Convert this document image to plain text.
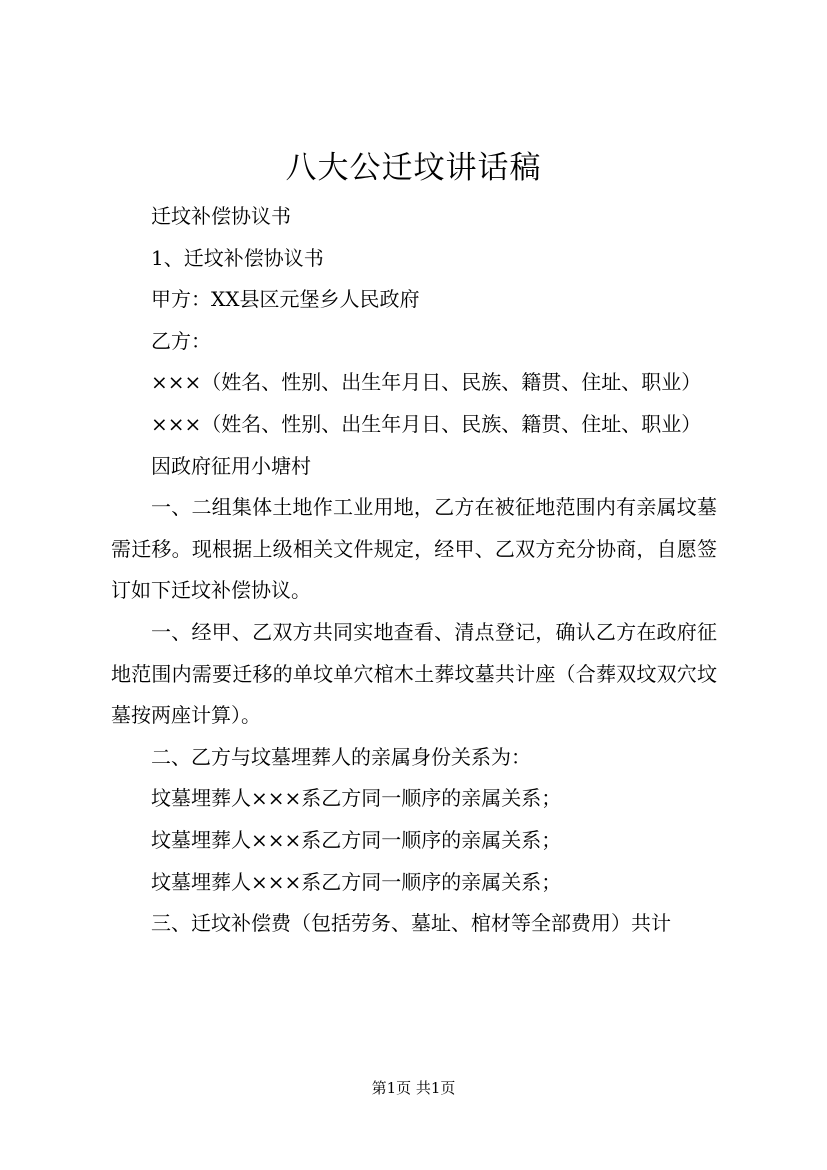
八大公迁坟讲话稿

迁坟补偿协议书

1、迁坟补偿协议书

甲方：XX县区元堡乡人民政府

乙方：

×××（姓名、性别、出生年月日、民族、籍贯、住址、职业）

×××（姓名、性别、出生年月日、民族、籍贯、住址、职业）

因政府征用小塘村

一、二组集体土地作工业用地，乙方在被征地范围内有亲属坟墓需迁移。现根据上级相关文件规定，经甲、乙双方充分协商，自愿签订如下迁坟补偿协议。

一、经甲、乙双方共同实地查看、清点登记，确认乙方在政府征地范围内需要迁移的单坟单穴棺木土葬坟墓共计座（合葬双坟双穴坟墓按两座计算）。

二、乙方与坟墓埋葬人的亲属身份关系为：

坟墓埋葬人×××系乙方同一顺序的亲属关系；

坟墓埋葬人×××系乙方同一顺序的亲属关系；

坟墓埋葬人×××系乙方同一顺序的亲属关系；

三、迁坟补偿费（包括劳务、墓址、棺材等全部费用）共计

第1页 共1页
